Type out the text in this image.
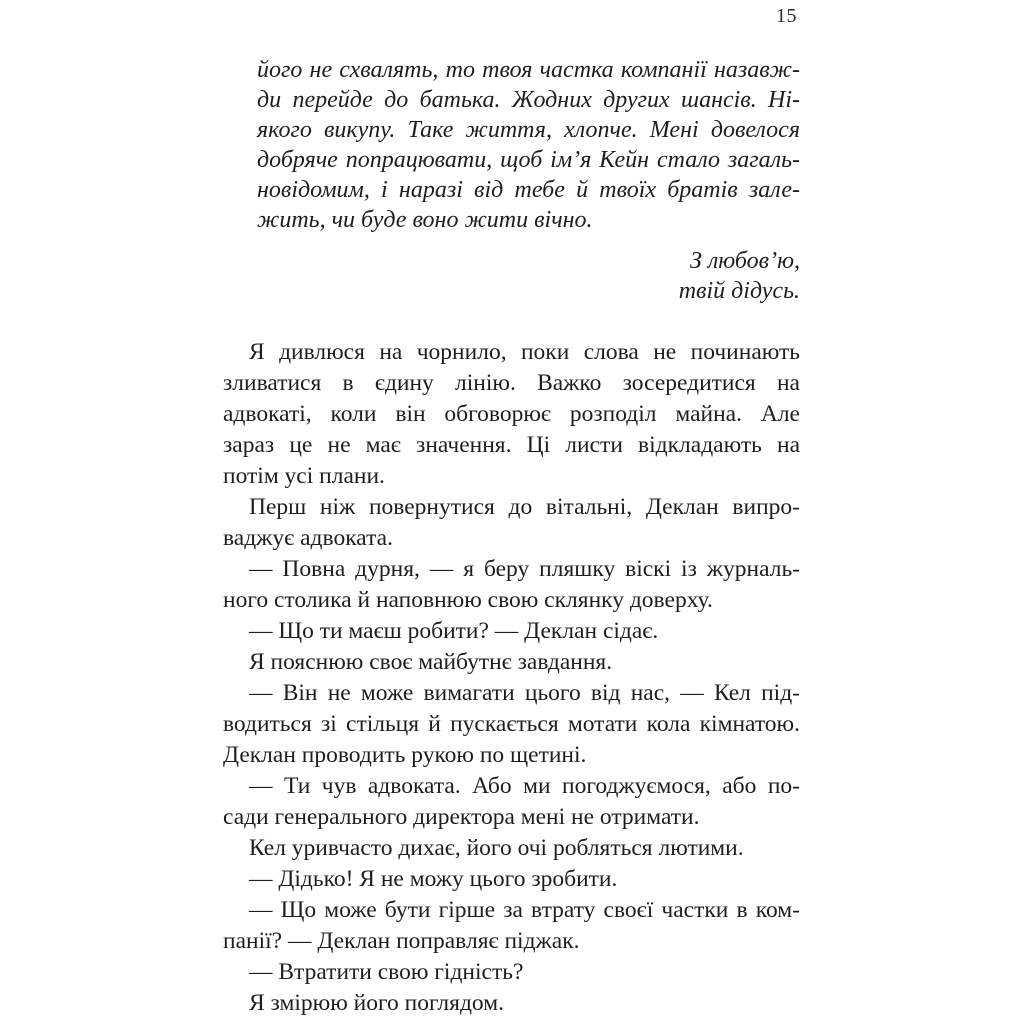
15
його не схвалять, то твоя частка компанії назавж-
ди перейде до батька. Жодних других шансів. Ні-
якого викупу. Таке життя, хлопче. Мені довелося
добряче попрацювати, щоб ім’я Кейн стало загаль-
новідомим, і наразі від тебе й твоїх братів зале-
жить, чи буде воно жити вічно.
З любов’ю,
твій дідусь.
Я дивлюся на чорнило, поки слова не починають
зливатися в єдину лінію. Важко зосередитися на
адвокаті, коли він обговорює розподіл майна. Але
зараз це не має значення. Ці листи відкладають на
потім усі плани.
Перш ніж повернутися до вітальні, Деклан випро-
ваджує адвоката.
— Повна дурня, — я беру пляшку віскі із журналь-
ного столика й наповнюю свою склянку доверху.
— Що ти маєш робити? — Деклан сідає.
Я пояснюю своє майбутнє завдання.
— Він не може вимагати цього від нас, — Кел під-
водиться зі стільця й пускається мотати кола кімнатою.
Деклан проводить рукою по щетині.
— Ти чув адвоката. Або ми погоджуємося, або по-
сади генерального директора мені не отримати.
Кел уривчасто дихає, його очі робляться лютими.
— Дідько! Я не можу цього зробити.
— Що може бути гірше за втрату своєї частки в ком-
панії? — Деклан поправляє піджак.
— Втратити свою гідність?
Я змірюю його поглядом.
